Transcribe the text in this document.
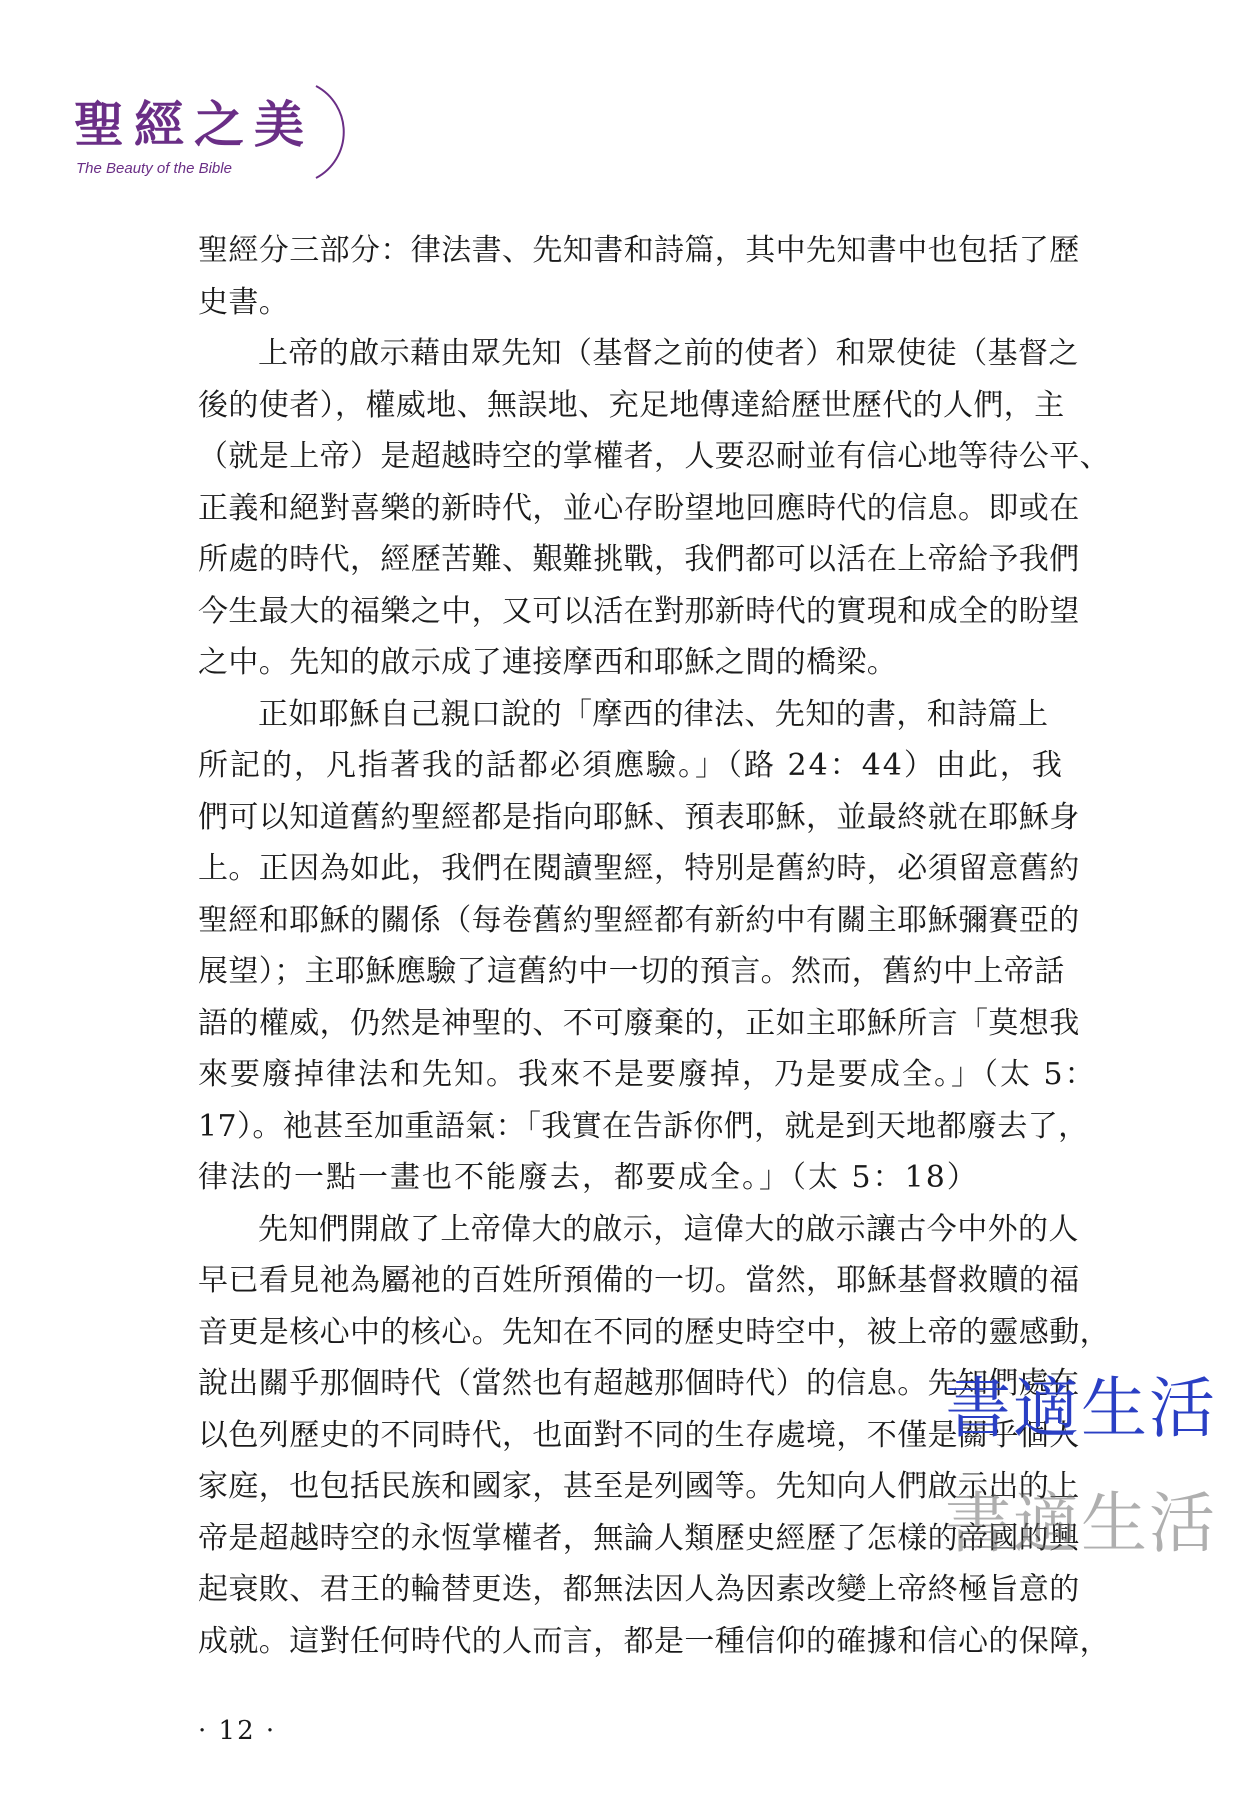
聖經之美
The Beauty of the Bible
聖經分三部分：律法書、先知書和詩篇，其中先知書中也包括了歷
史書。
上帝的啟示藉由眾先知（基督之前的使者）和眾使徒（基督之
後的使者），權威地、無誤地、充足地傳達給歷世歷代的人們，主
（就是上帝）是超越時空的掌權者，人要忍耐並有信心地等待公平、
正義和絕對喜樂的新時代，並心存盼望地回應時代的信息。即或在
所處的時代，經歷苦難、艱難挑戰，我們都可以活在上帝給予我們
今生最大的福樂之中，又可以活在對那新時代的實現和成全的盼望
之中。先知的啟示成了連接摩西和耶穌之間的橋梁。
正如耶穌自己親口說的「摩西的律法、先知的書，和詩篇上
所記的，凡指著我的話都必須應驗。」（路 24：44）由此，我
們可以知道舊約聖經都是指向耶穌、預表耶穌，並最終就在耶穌身
上。正因為如此，我們在閱讀聖經，特別是舊約時，必須留意舊約
聖經和耶穌的關係（每卷舊約聖經都有新約中有關主耶穌彌賽亞的
展望）；主耶穌應驗了這舊約中一切的預言。然而，舊約中上帝話
語的權威，仍然是神聖的、不可廢棄的，正如主耶穌所言「莫想我
來要廢掉律法和先知。我來不是要廢掉，乃是要成全。」（太 5：
17）。祂甚至加重語氣：「我實在告訴你們，就是到天地都廢去了，
律法的一點一畫也不能廢去，都要成全。」（太 5：18）
先知們開啟了上帝偉大的啟示，這偉大的啟示讓古今中外的人
早已看見祂為屬祂的百姓所預備的一切。當然，耶穌基督救贖的福
音更是核心中的核心。先知在不同的歷史時空中，被上帝的靈感動，
說出關乎那個時代（當然也有超越那個時代）的信息。先知們處在
以色列歷史的不同時代，也面對不同的生存處境，不僅是關乎個人
家庭，也包括民族和國家，甚至是列國等。先知向人們啟示出的上
帝是超越時空的永恆掌權者，無論人類歷史經歷了怎樣的帝國的興
起衰敗、君王的輪替更迭，都無法因人為因素改變上帝終極旨意的
成就。這對任何時代的人而言，都是一種信仰的確據和信心的保障，
書適生活
書適生活
· 12 ·
